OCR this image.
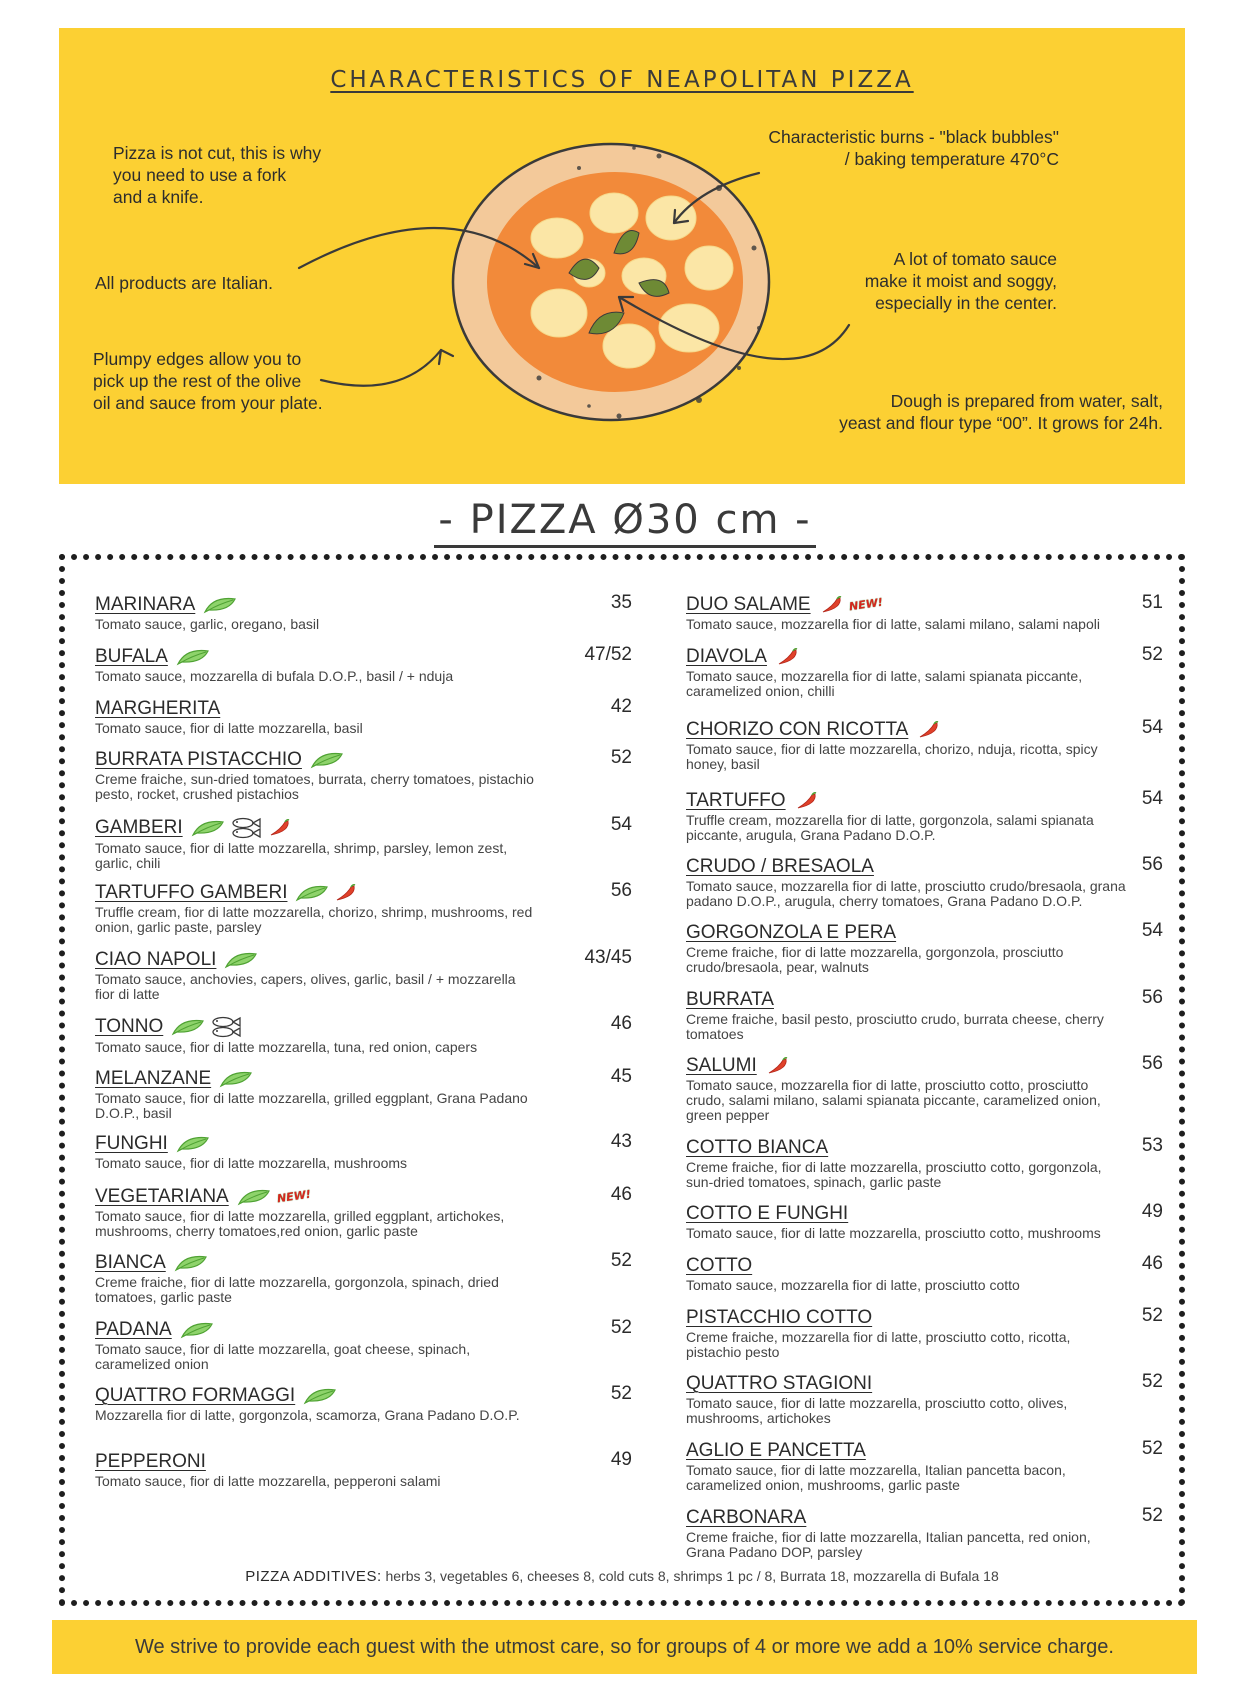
CHARACTERISTICS OF NEAPOLITAN PIZZA
Pizza is not cut, this is why
you need to use a fork
and a knife.
All products are Italian.
Plumpy edges allow you to
pick up the rest of the olive
oil and sauce from your plate.
Characteristic burns - "black bubbles"
/ baking temperature 470°C
A lot of tomato sauce
make it moist and soggy,
especially in the center.
Dough is prepared from water, salt,
yeast and flour type “00”. It grows for 24h.
- PIZZA Ø30 cm -
MARINARA
Tomato sauce, garlic, oregano, basil
35
BUFALA
Tomato sauce, mozzarella di bufala D.O.P., basil / + nduja
47/52
MARGHERITA
Tomato sauce, fior di latte mozzarella, basil
42
BURRATA PISTACCHIO
Creme fraiche, sun-dried tomatoes, burrata, cherry tomatoes, pistachio pesto, rocket, crushed pistachios
52
GAMBERI
Tomato sauce, fior di latte mozzarella, shrimp, parsley, lemon zest, garlic, chili
54
TARTUFFO GAMBERI
Truffle cream, fior di latte mozzarella, chorizo, shrimp, mushrooms, red onion, garlic paste, parsley
56
CIAO NAPOLI
Tomato sauce, anchovies, capers, olives, garlic, basil / + mozzarella fior di latte
43/45
TONNO
Tomato sauce, fior di latte mozzarella, tuna, red onion, capers
46
MELANZANE
Tomato sauce, fior di latte mozzarella, grilled eggplant, Grana Padano D.O.P., basil
45
FUNGHI
Tomato sauce, fior di latte mozzarella, mushrooms
43
VEGETARIANA	NEW!
Tomato sauce, fior di latte mozzarella, grilled eggplant, artichokes, mushrooms, cherry tomatoes,red onion, garlic paste
46
BIANCA
Creme fraiche, fior di latte mozzarella, gorgonzola, spinach, dried tomatoes, garlic paste
52
PADANA
Tomato sauce, fior di latte mozzarella, goat cheese, spinach, caramelized onion
52
QUATTRO FORMAGGI
Mozzarella fior di latte, gorgonzola, scamorza, Grana Padano D.O.P.
52
PEPPERONI
Tomato sauce, fior di latte mozzarella, pepperoni salami
49
DUO SALAME	NEW!
Tomato sauce, mozzarella fior di latte, salami milano, salami napoli
51
DIAVOLA
Tomato sauce, mozzarella fior di latte, salami spianata piccante, caramelized onion, chilli
52
CHORIZO CON RICOTTA
Tomato sauce, fior di latte mozzarella, chorizo, nduja, ricotta, spicy honey, basil
54
TARTUFFO
Truffle cream, mozzarella fior di latte, gorgonzola, salami spianata piccante, arugula, Grana Padano D.O.P.
54
CRUDO / BRESAOLA
Tomato sauce, mozzarella fior di latte, prosciutto crudo/bresaola, grana padano D.O.P., arugula, cherry tomatoes, Grana Padano D.O.P.
56
GORGONZOLA E PERA
Creme fraiche, fior di latte mozzarella, gorgonzola, prosciutto crudo/bresaola, pear, walnuts
54
BURRATA
Creme fraiche, basil pesto, prosciutto crudo, burrata cheese, cherry tomatoes
56
SALUMI
Tomato sauce, mozzarella fior di latte, prosciutto cotto, prosciutto crudo, salami milano, salami spianata piccante, caramelized onion, green pepper
56
COTTO BIANCA
Creme fraiche, fior di latte mozzarella, prosciutto cotto, gorgonzola, sun-dried tomatoes, spinach, garlic paste
53
COTTO E FUNGHI
Tomato sauce, fior di latte mozzarella, prosciutto cotto, mushrooms
49
COTTO
Tomato sauce, mozzarella fior di latte, prosciutto cotto
46
PISTACCHIO COTTO
Creme fraiche, mozzarella fior di latte, prosciutto cotto, ricotta, pistachio pesto
52
QUATTRO STAGIONI
Tomato sauce, fior di latte mozzarella, prosciutto cotto, olives, mushrooms, artichokes
52
AGLIO E PANCETTA
Tomato sauce, fior di latte mozzarella, Italian pancetta bacon, caramelized onion, mushrooms, garlic paste
52
CARBONARA
Creme fraiche, fior di latte mozzarella, Italian pancetta, red onion, Grana Padano DOP, parsley
52
PIZZA ADDITIVES: herbs 3, vegetables 6, cheeses 8, cold cuts 8, shrimps 1 pc / 8, Burrata 18, mozzarella di Bufala 18
We strive to provide each guest with the utmost care, so for groups of 4 or more we add a 10% service charge.
